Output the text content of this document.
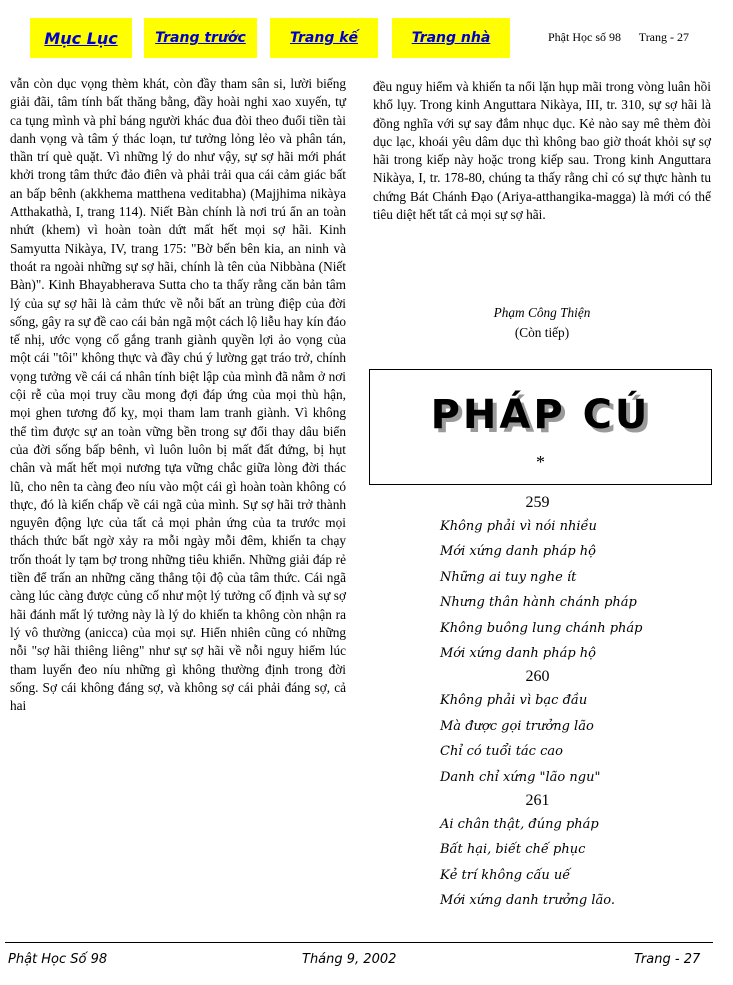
Mục Lục	Trang trước	Trang kế	Trang nhà	Phật Học số 98      Trang - 27
vẫn còn dục vọng thèm khát, còn đầy tham sân si, lười biếng giải đãi, tâm tính bất thăng bằng, đầy hoài nghi xao xuyến, tự ca tụng mình và phỉ báng người khác đua đòi theo đuổi tiền tài danh vọng và tâm ý thác loạn, tư tưởng lỏng lẻo và phân tán, thần trí què quặt. Vì những lý do như vậy, sự sợ hãi mới phát khởi trong tâm thức đảo điên và phải trải qua cái cảm giác bất an bấp bênh (akkhema matthena veditabha) (Majjhima nikàya Atthakathà, I, trang 114). Niết Bàn chính là nơi trú ẩn an toàn nhứt (khem) vì hoàn toàn dứt mất hết mọi sợ hãi. Kinh Samyutta Nikàya, IV, trang 175: "Bờ bến bên kia, an ninh và thoát ra ngoài những sự sợ hãi, chính là tên của Nibbàna (Niết Bàn)". Kinh Bhayabherava Sutta cho ta thấy rằng căn bản tâm lý của sự sợ hãi là cảm thức về nỗi bất an trùng điệp của đời sống, gây ra sự đề cao cái bản ngã một cách lộ liễu hay kín đáo tế nhị, ước vọng cố gắng tranh giành quyền lợi ảo vọng của một cái "tôi" không thực và đầy chú ý lường gạt tráo trở, chính vọng tưởng về cái cá nhân tính biệt lập của mình đã nằm ở nơi cội rễ của mọi truy cầu mong đợi đáp ứng của mọi thù hận, mọi ghen tương đố kỵ, mọi tham lam tranh giành. Vì không thể tìm được sự an toàn vững bền trong sự đổi thay dâu biển của đời sống bấp bênh, vì luôn luôn bị mất đất đứng, bị hụt chân và mất hết mọi nương tựa vững chắc giữa lòng đời thác lũ, cho nên ta càng đeo níu vào một cái gì hoàn toàn không có thực, đó là kiến chấp về cái ngã của mình. Sự sợ hãi trở thành nguyên động lực của tất cả mọi phản ứng của ta trước mọi thách thức bất ngờ xảy ra mỗi ngày mỗi đêm, khiến ta chạy trốn thoát ly tạm bợ trong những tiêu khiển. Những giải đáp rẻ tiền để trấn an những căng thẳng tội độ của tâm thức. Cái ngã càng lúc càng được củng cố như một lý tưởng cố định và sự sợ hãi đánh mất lý tưởng này là lý do khiến ta không còn nhận ra lý vô thường (anicca) của mọi sự. Hiển nhiên cũng có những nỗi "sợ hãi thiêng liêng" như sự sợ hãi về nỗi nguy hiểm lúc tham luyến đeo níu những gì không thường định trong đời sống. Sợ cái không đáng sợ, và không sợ cái phải đáng sợ, cả hai
đều nguy hiểm và khiến ta nổi lặn hụp mãi trong vòng luân hồi khổ lụy. Trong kinh Anguttara Nikàya, III, tr. 310, sự sợ hãi là đồng nghĩa với sự say đắm nhục dục. Kẻ nào say mê thèm đòi dục lạc, khoái yêu dâm dục thì không bao giờ thoát khỏi sự sợ hãi trong kiếp này hoặc trong kiếp sau. Trong kinh Anguttara Nikàya, I, tr. 178-80, chúng ta thấy rằng chỉ có sự thực hành tu chứng Bát Chánh Đạo (Ariya-atthangika-magga) là mới có thể tiêu diệt hết tất cả mọi sự sợ hãi.
Phạm Công Thiện
(Còn tiếp)
PHÁP CÚ
*
259
Không phải vì nói nhiều
Mới xứng danh pháp hộ
Những ai tuy nghe ít
Nhưng thân hành chánh pháp
Không buông lung chánh pháp
Mới xứng danh pháp hộ
260
Không phải vì bạc đầu
Mà được gọi trưởng lão
Chỉ có tuổi tác cao
Danh chỉ xứng "lão ngu"
261
Ai chân thật, đúng pháp
Bất hại, biết chế phục
Kẻ trí không cấu uế
Mới xứng danh trưởng lão.
Phật Học Số 98	Tháng 9, 2002	Trang - 27
